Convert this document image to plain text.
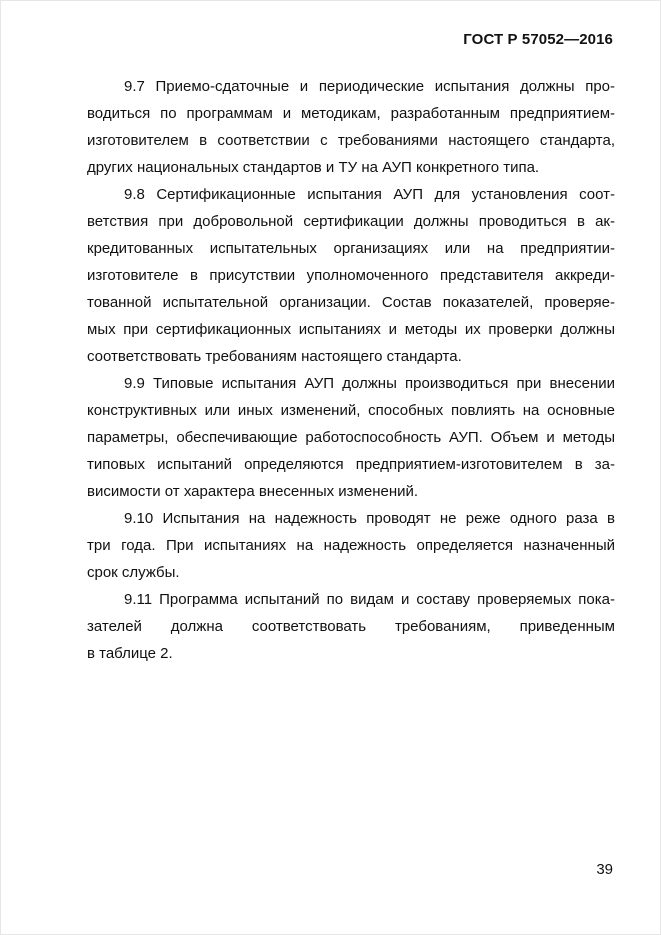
ГОСТ Р 57052—2016
9.7 Приемо-сдаточные и периодические испытания должны про-
водиться по программам и методикам, разработанным предприятием-
изготовителем в соответствии с требованиями настоящего стандарта,
других национальных стандартов и ТУ на АУП конкретного типа.
9.8 Сертификационные испытания АУП для установления соот-
ветствия при добровольной сертификации должны проводиться в ак-
кредитованных испытательных организациях или на предприятии-
изготовителе в присутствии уполномоченного представителя аккреди-
тованной испытательной организации. Состав показателей, проверяе-
мых при сертификационных испытаниях и методы их проверки должны
соответствовать требованиям настоящего стандарта.
9.9 Типовые испытания АУП должны производиться при внесении
конструктивных или иных изменений, способных повлиять на основные
параметры, обеспечивающие работоспособность АУП. Объем и методы
типовых испытаний определяются предприятием-изготовителем в за-
висимости от характера внесенных изменений.
9.10 Испытания на надежность проводят не реже одного раза в
три года. При испытаниях на надежность определяется назначенный
срок службы.
9.11 Программа испытаний по видам и составу проверяемых пока-
зателей должна соответствовать требованиям, приведенным
в таблице 2.
39
